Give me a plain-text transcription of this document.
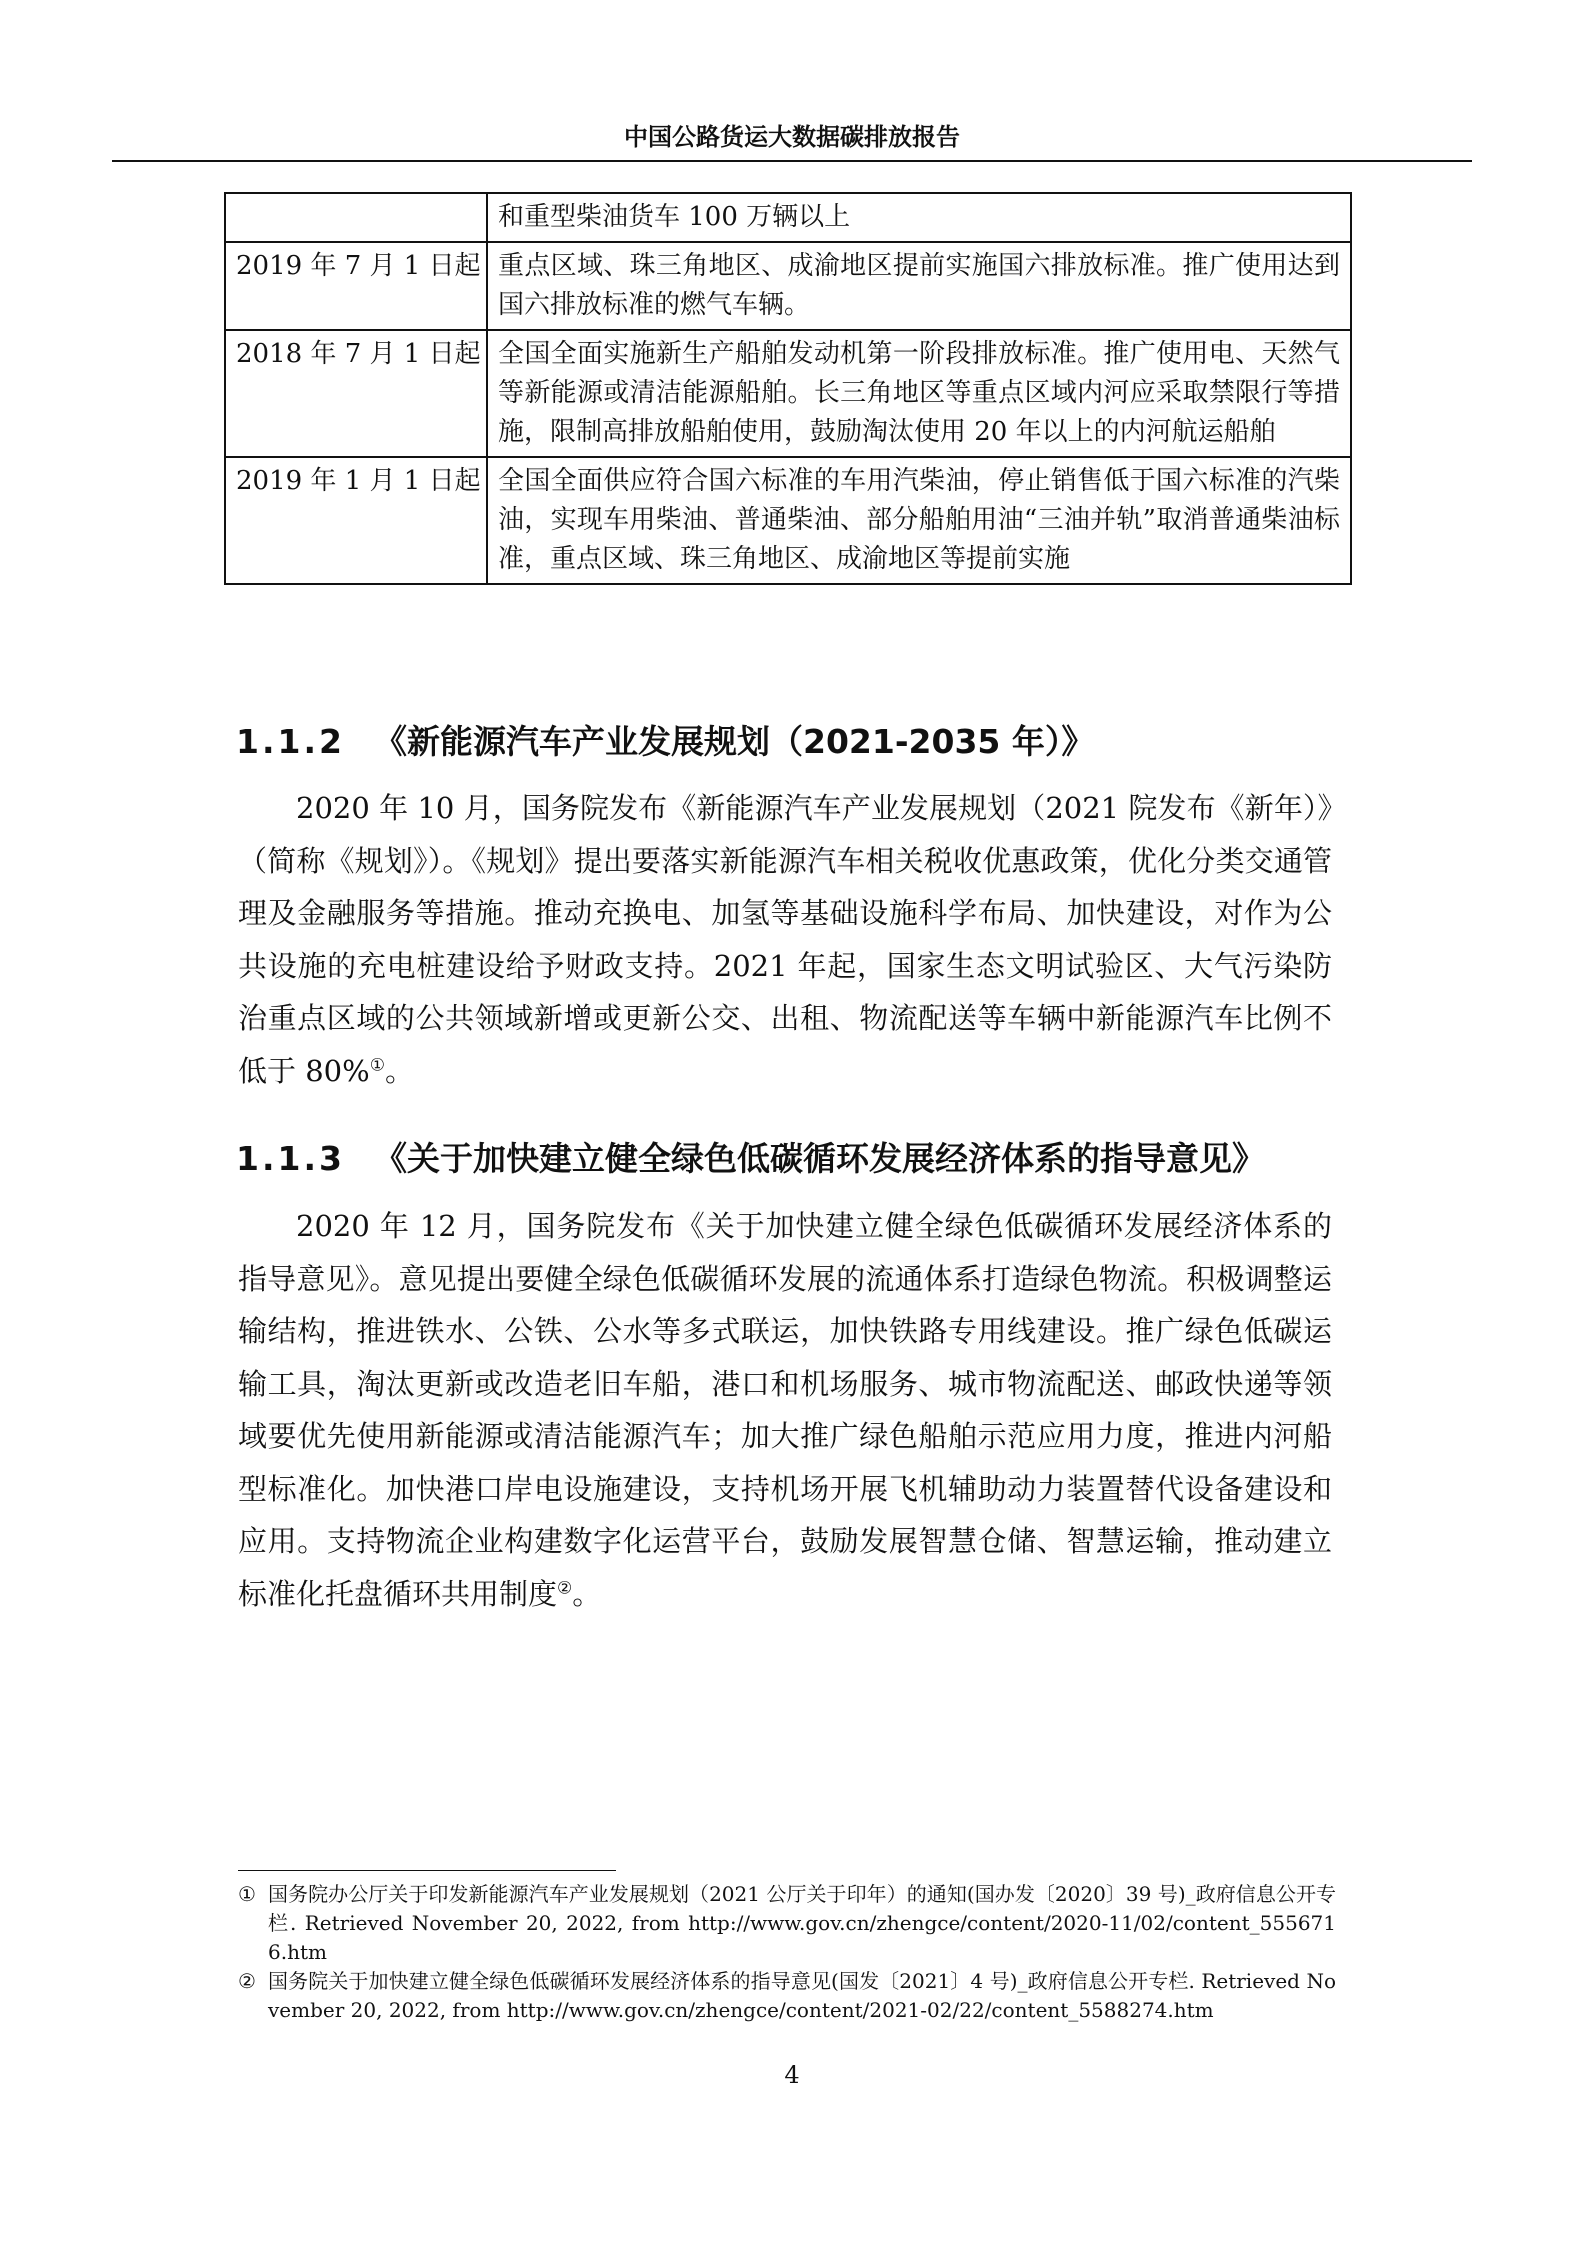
中国公路货运大数据碳排放报告
	和重型柴油货车 100 万辆以上
2019 年 7 月 1 日起	重点区域、珠三角地区、成渝地区提前实施国六排放标准。推广使用达到国六排放标准的燃气车辆。
2018 年 7 月 1 日起	全国全面实施新生产船舶发动机第一阶段排放标准。推广使用电、天然气等新能源或清洁能源船舶。长三角地区等重点区域内河应采取禁限行等措施，限制高排放船舶使用，鼓励淘汰使用 20 年以上的内河航运船舶
2019 年 1 月 1 日起	全国全面供应符合国六标准的车用汽柴油，停止销售低于国六标准的汽柴油，实现车用柴油、普通柴油、部分船舶用油“三油并轨”取消普通柴油标准，重点区域、珠三角地区、成渝地区等提前实施
1.1.2 《新能源汽车产业发展规划（2021-2035 年）》

2020 年 10 月，国务院发布《新能源汽车产业发展规划（2021 院发布《新年）》（简称《规划》）。《规划》提出要落实新能源汽车相关税收优惠政策，优化分类交通管理及金融服务等措施。推动充换电、加氢等基础设施科学布局、加快建设，对作为公共设施的充电桩建设给予财政支持。2021 年起，国家生态文明试验区、大气污染防治重点区域的公共领域新增或更新公交、出租、物流配送等车辆中新能源汽车比例不低于 80%①。

1.1.3 《关于加快建立健全绿色低碳循环发展经济体系的指导意见》

2020 年 12 月，国务院发布《关于加快建立健全绿色低碳循环发展经济体系的指导意见》。意见提出要健全绿色低碳循环发展的流通体系打造绿色物流。积极调整运输结构，推进铁水、公铁、公水等多式联运，加快铁路专用线建设。推广绿色低碳运输工具，淘汰更新或改造老旧车船，港口和机场服务、城市物流配送、邮政快递等领域要优先使用新能源或清洁能源汽车；加大推广绿色船舶示范应用力度，推进内河船型标准化。加快港口岸电设施建设，支持机场开展飞机辅助动力装置替代设备建设和应用。支持物流企业构建数字化运营平台，鼓励发展智慧仓储、智慧运输，推动建立标准化托盘循环共用制度②。

① 国务院办公厅关于印发新能源汽车产业发展规划（2021 公厅关于印年）的通知(国办发〔2020〕39 号)_政府信息公开专栏. Retrieved November 20, 2022, from http://www.gov.cn/zhengce/content/2020-11/02/content_5556716.htm
② 国务院关于加快建立健全绿色低碳循环发展经济体系的指导意见(国发〔2021〕4 号)_政府信息公开专栏. Retrieved November 20, 2022, from http://www.gov.cn/zhengce/content/2021-02/22/content_5588274.htm
4
